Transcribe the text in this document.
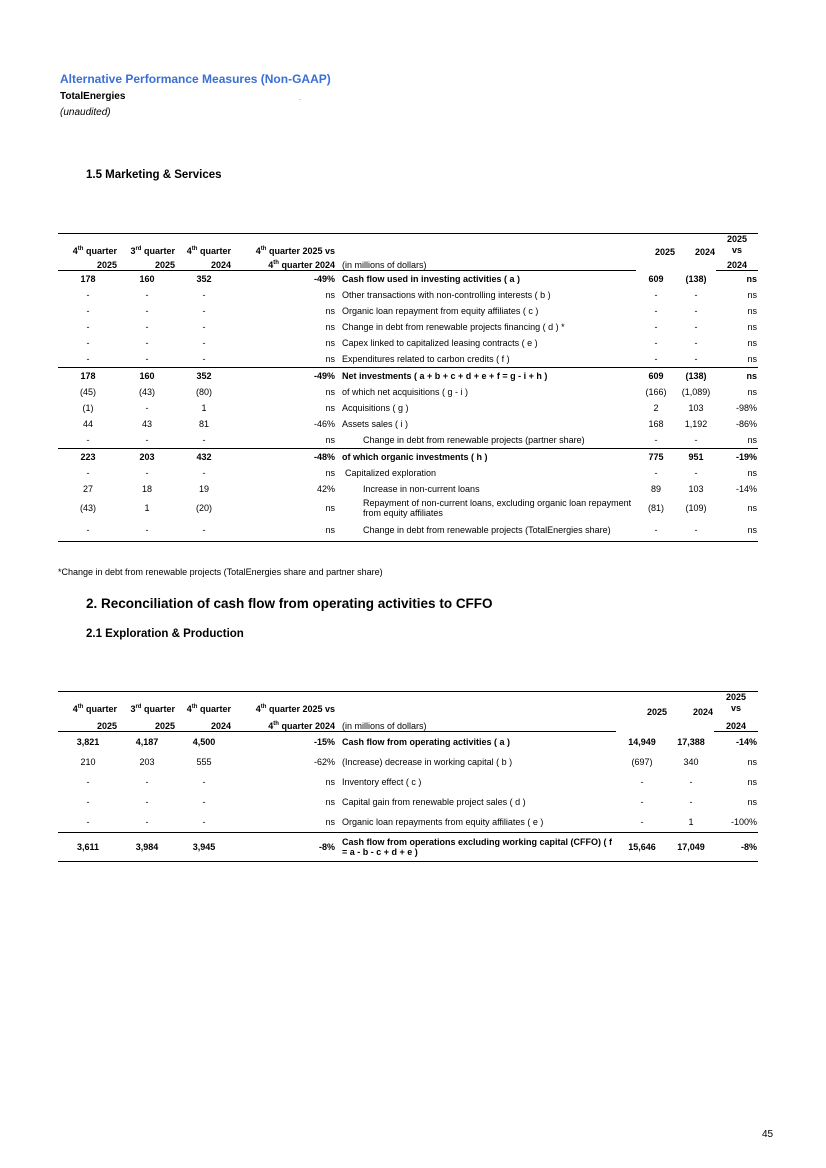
Alternative Performance Measures (Non-GAAP)
TotalEnergies	.
(unaudited)
1.5 Marketing & Services
4th quarter	3rd quarter	4th quarter	4th quarter 2025 vs		2025	2024	2025
vs

2025	2025	2024	4th quarter 2024	(in millions of dollars)			2024
178	160	352	-49%	Cash flow used in investing activities ( a )	609	(138)	ns
-	-	-	ns	Other transactions with non-controlling interests ( b )	-	-	ns
-	-	-	ns	Organic loan repayment from equity affiliates ( c )	-	-	ns
-	-	-	ns	Change in debt from renewable projects financing ( d ) *	-	-	ns
-	-	-	ns	Capex linked to capitalized leasing contracts ( e )	-	-	ns
-	-	-	ns	Expenditures related to carbon credits ( f )	-	-	ns
178	160	352	-49%	Net investments ( a + b + c + d + e + f = g - i + h )	609	(138)	ns
(45)	(43)	(80)	ns	of which net acquisitions ( g - i )	(166)	(1,089)	ns
(1)	-	1	ns	Acquisitions ( g )	2	103	-98%
44	43	81	-46%	Assets sales ( i )	168	1,192	-86%
-	-	-	ns	Change in debt from renewable projects (partner share)	-	-	ns
223	203	432	-48%	of which organic investments ( h )	775	951	-19%
-	-	-	ns	Capitalized exploration	-	-	ns
27	18	19	42%	Increase in non-current loans	89	103	-14%
(43)	1	(20)	ns	Repayment of non-current loans, excluding organic loan repayment from equity affiliates	(81)	(109)	ns
-	-	-	ns	Change in debt from renewable projects (TotalEnergies share)	-	-	ns
*Change in debt from renewable projects (TotalEnergies share and partner share)
2. Reconciliation of cash flow from operating activities to CFFO
2.1 Exploration & Production
4th quarter	3rd quarter	4th quarter	4th quarter 2025 vs		2025	2024	2025
vs

2025	2025	2024	4th quarter 2024	(in millions of dollars)			2024
3,821	4,187	4,500	-15%	Cash flow from operating activities ( a )	14,949	17,388	-14%
210	203	555	-62%	(Increase) decrease in working capital ( b )	(697)	340	ns
-	-	-	ns	Inventory effect ( c )	-	-	ns
-	-	-	ns	Capital gain from renewable project sales ( d )	-	-	ns
-	-	-	ns	Organic loan repayments from equity affiliates ( e )	-	1	-100%
3,611	3,984	3,945	-8%	Cash flow from operations excluding working capital (CFFO) ( f = a - b - c + d + e )	15,646	17,049	-8%
45
